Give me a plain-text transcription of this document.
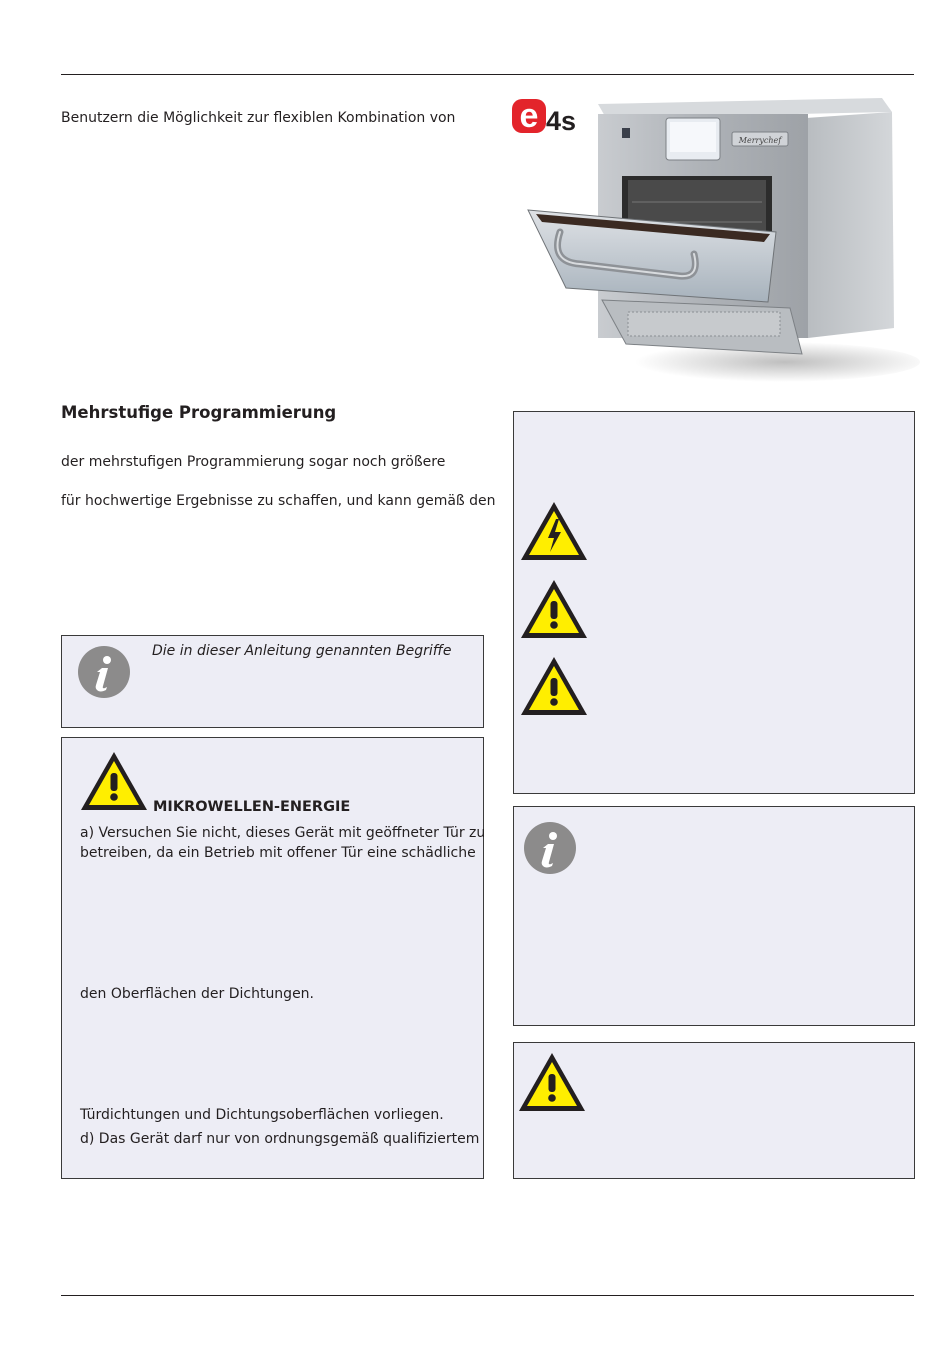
Benutzern die Möglichkeit zur flexiblen Kombination von e 4s
Merrychef
Mehrstufige Programmierung
der mehrstufigen Programmierung sogar noch größere
für hochwertige Ergebnisse zu schaffen, und kann gemäß den
Die in dieser Anleitung genannten Begriffe
MIKROWELLEN-ENERGIE
a) Versuchen Sie nicht, dieses Gerät mit geöffneter Tür zu
betreiben, da ein Betrieb mit offener Tür eine schädliche
den Oberflächen der Dichtungen.
Türdichtungen und Dichtungsoberflächen vorliegen.
d) Das Gerät darf nur von ordnungsgemäß qualifiziertem
